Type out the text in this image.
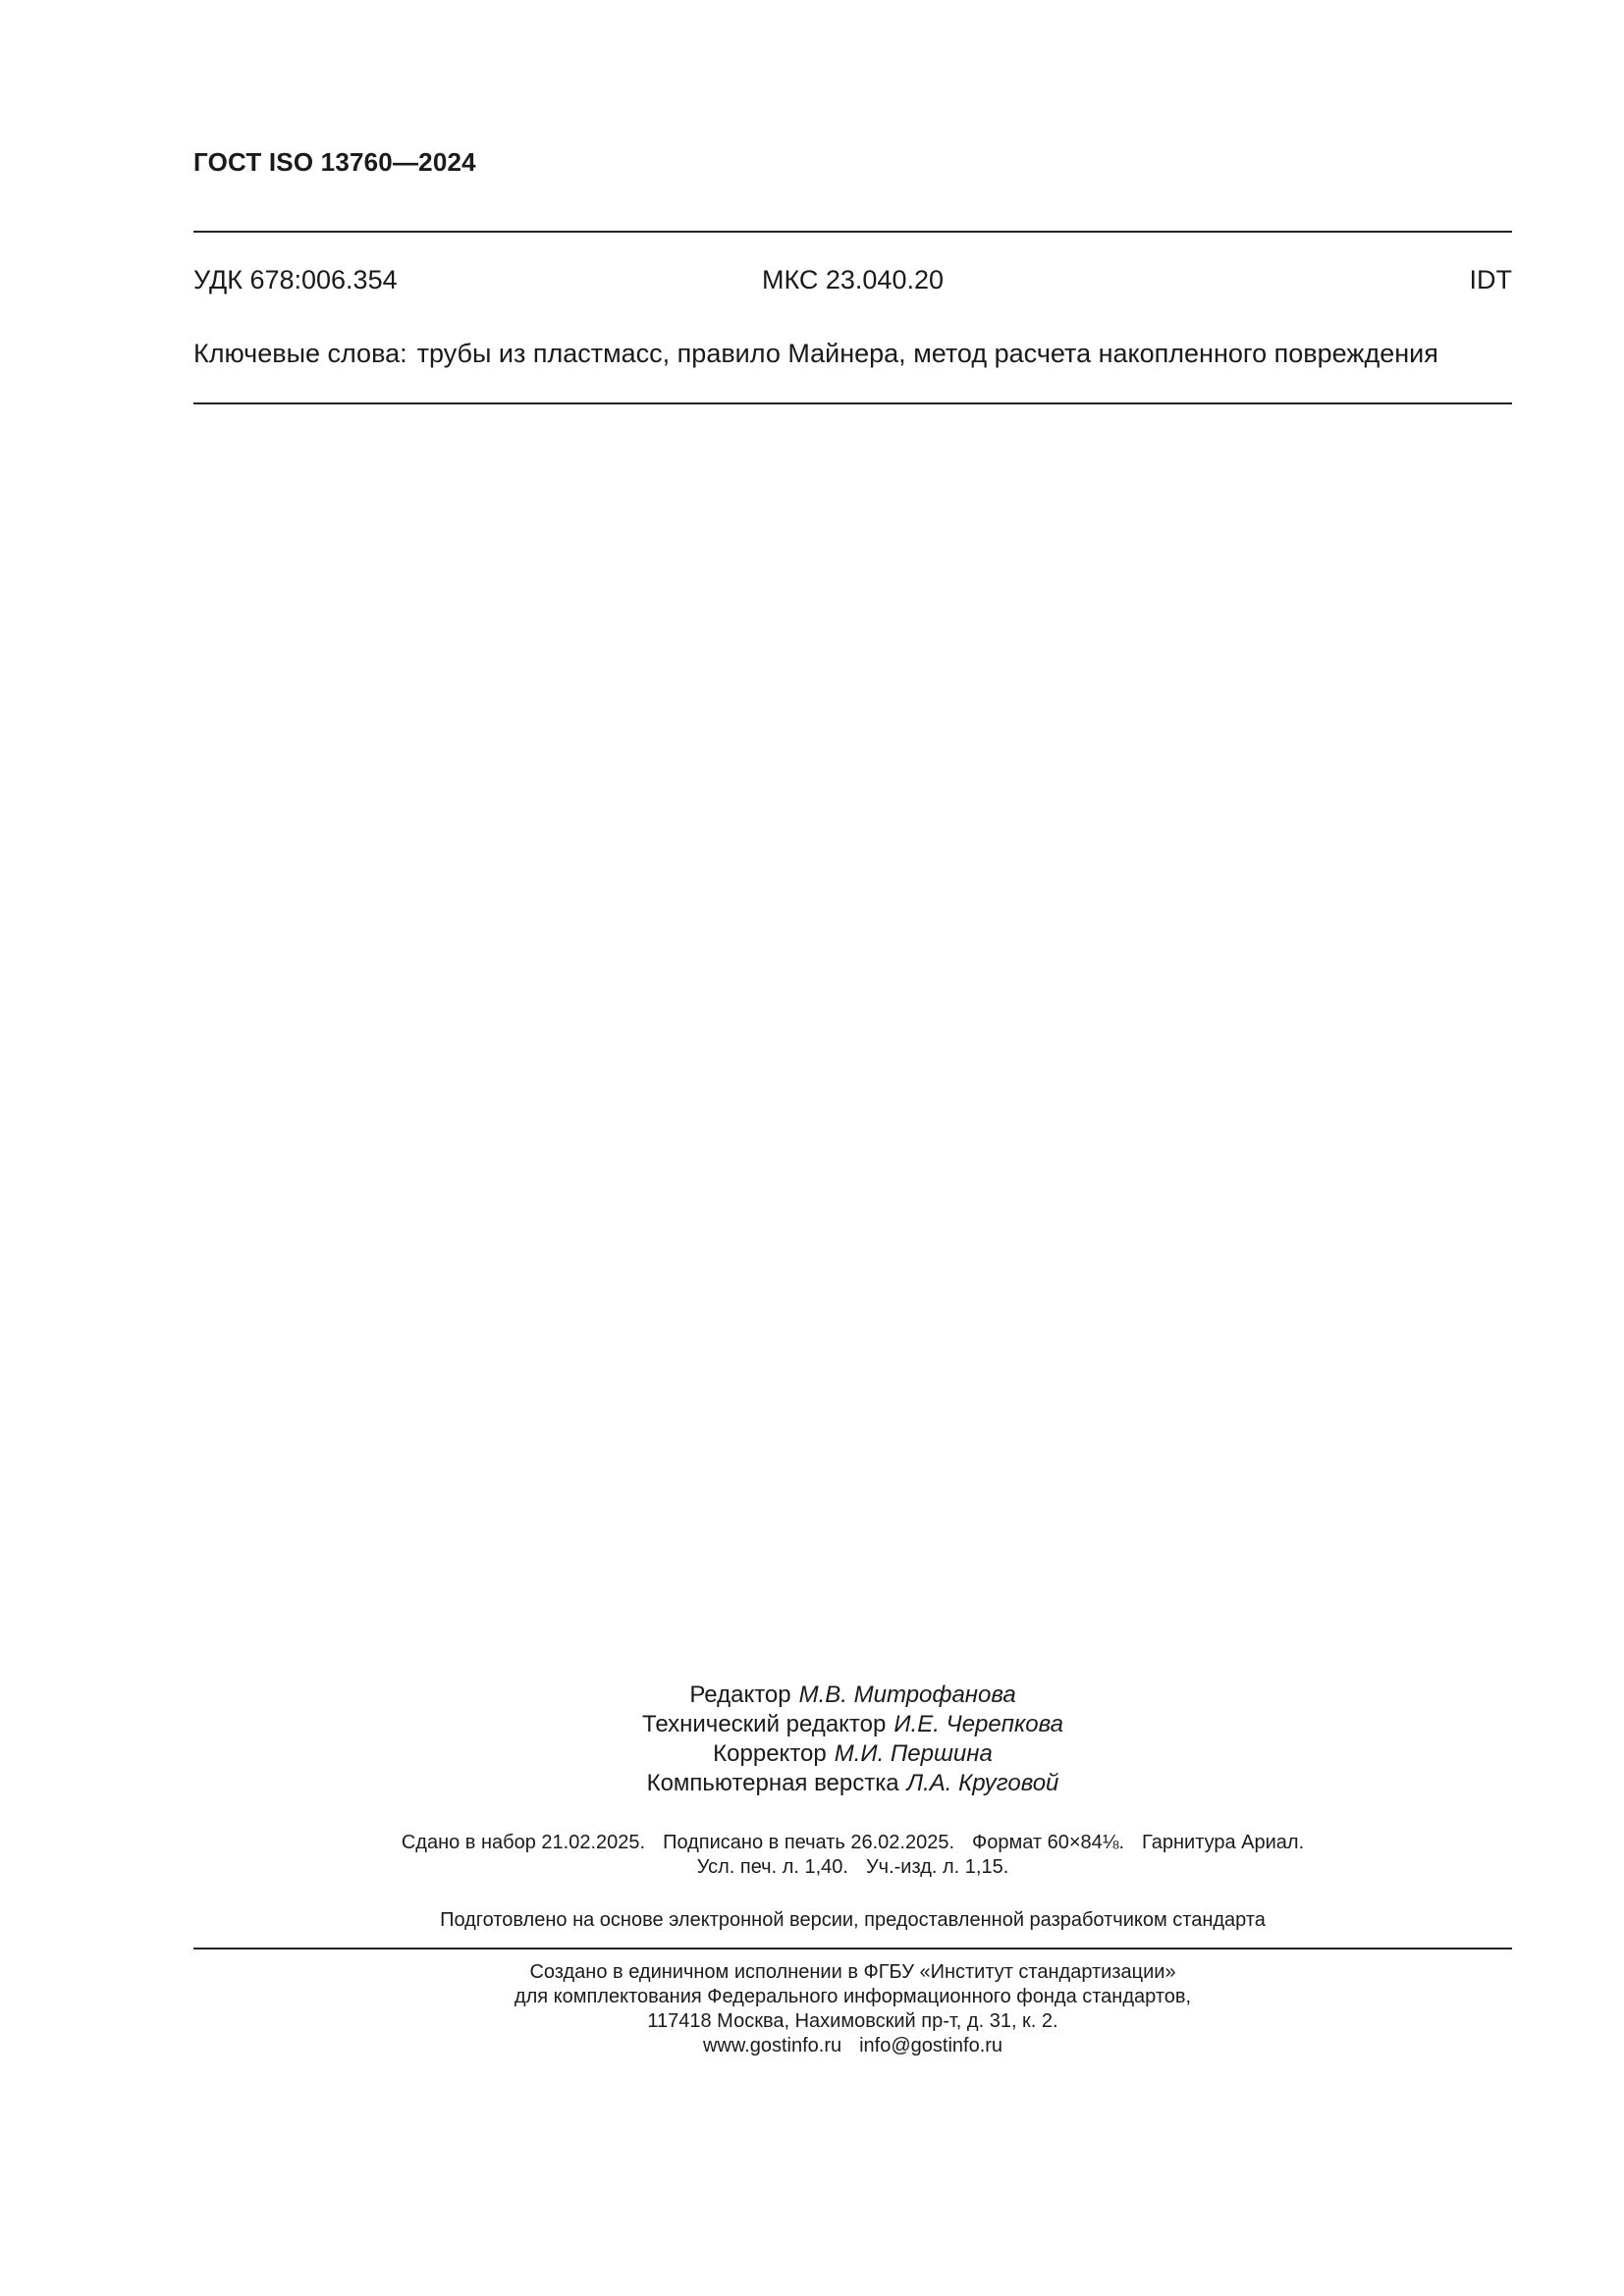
ГОСТ ISO 13760—2024
УДК 678:006.354	МКС 23.040.20	IDT
Ключевые слова: трубы из пластмасс, правило Майнера, метод расчета накопленного повреждения
Редактор М.В. Митрофанова
Технический редактор И.Е. Черепкова
Корректор М.И. Першина
Компьютерная верстка Л.А. Круговой
Сдано в набор 21.02.2025. Подписано в печать 26.02.2025. Формат 60×84⅛. Гарнитура Ариал.
Усл. печ. л. 1,40. Уч.-изд. л. 1,15.
Подготовлено на основе электронной версии, предоставленной разработчиком стандарта
Создано в единичном исполнении в ФГБУ «Институт стандартизации»
для комплектования Федерального информационного фонда стандартов,
117418 Москва, Нахимовский пр-т, д. 31, к. 2.
www.gostinfo.ru info@gostinfo.ru
